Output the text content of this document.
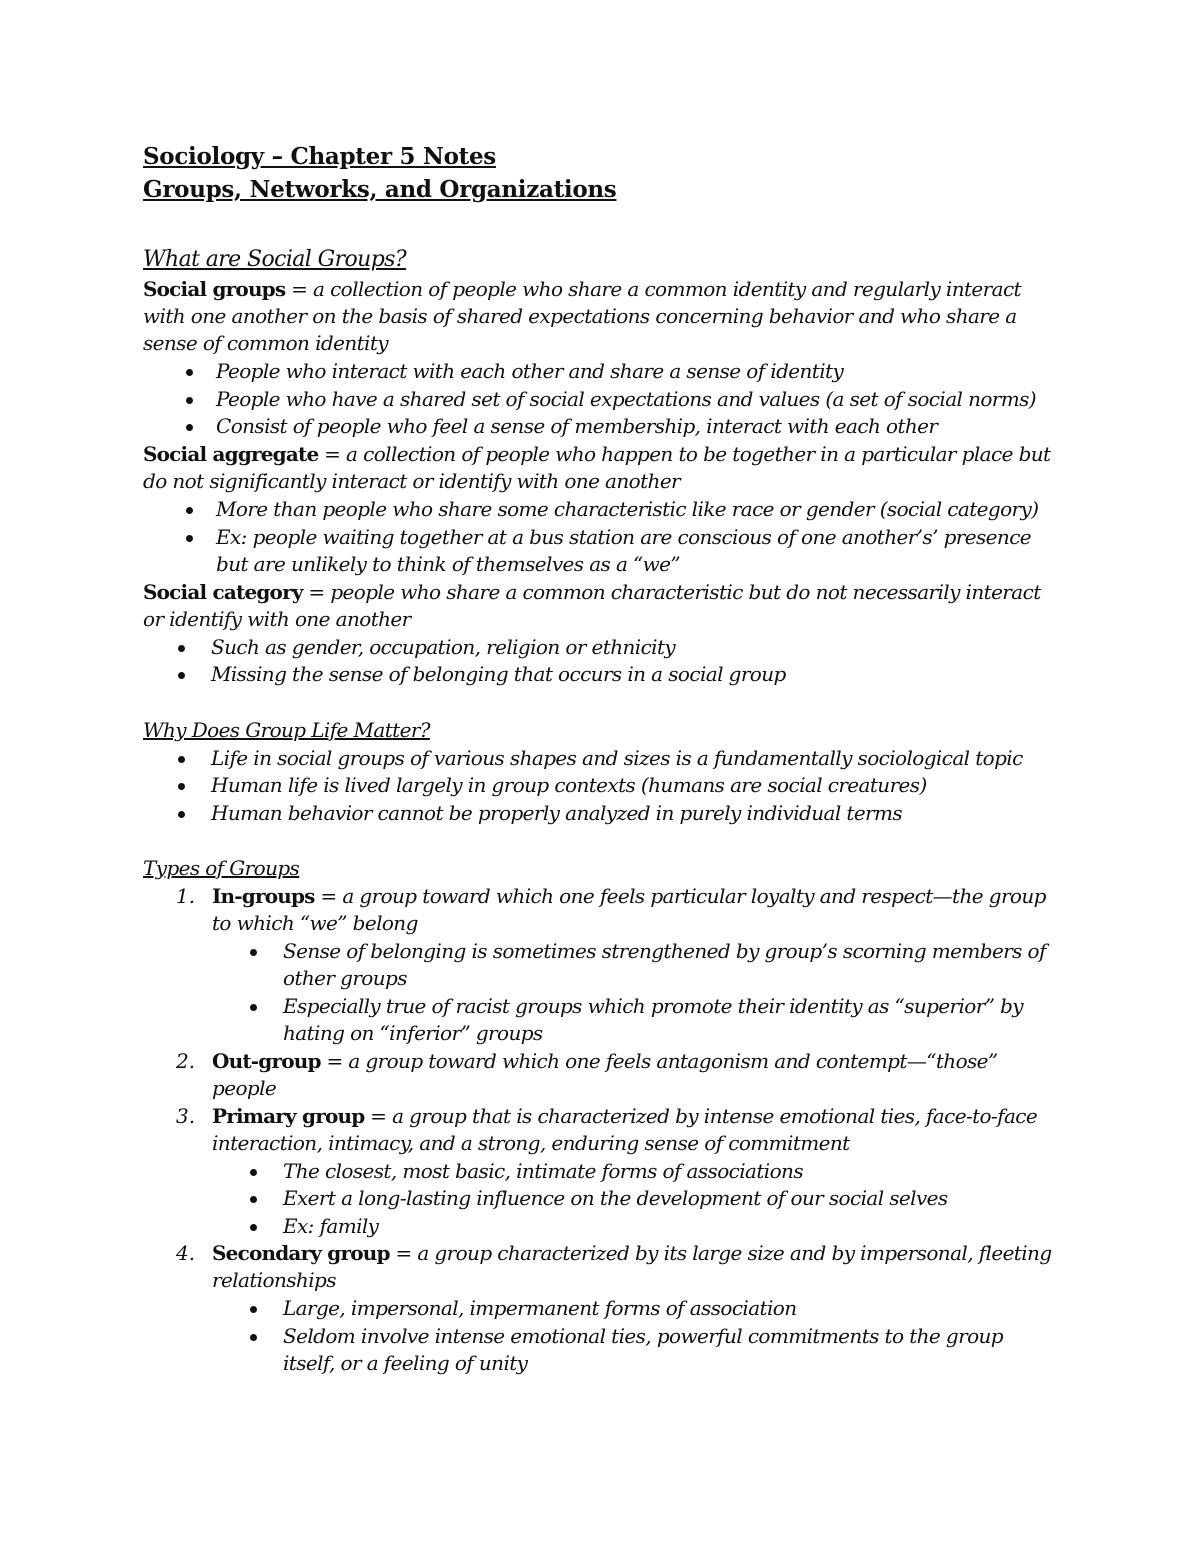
Sociology – Chapter 5 Notes
Groups, Networks, and Organizations
What are Social Groups?
Social groups = a collection of people who share a common identity and regularly interact
with one another on the basis of shared expectations concerning behavior and who share a
sense of common identity
People who interact with each other and share a sense of identity
People who have a shared set of social expectations and values (a set of social norms)
Consist of people who feel a sense of membership, interact with each other
Social aggregate = a collection of people who happen to be together in a particular place but
do not significantly interact or identify with one another
More than people who share some characteristic like race or gender (social category)
Ex: people waiting together at a bus station are conscious of one another’s’ presence
but are unlikely to think of themselves as a “we”
Social category = people who share a common characteristic but do not necessarily interact
or identify with one another
Such as gender, occupation, religion or ethnicity
Missing the sense of belonging that occurs in a social group
Why Does Group Life Matter?
Life in social groups of various shapes and sizes is a fundamentally sociological topic
Human life is lived largely in group contexts (humans are social creatures)
Human behavior cannot be properly analyzed in purely individual terms
Types of Groups
1. In-groups = a group toward which one feels particular loyalty and respect—the group
to which “we” belong
Sense of belonging is sometimes strengthened by group’s scorning members of
other groups
Especially true of racist groups which promote their identity as “superior” by
hating on “inferior” groups
2. Out-group = a group toward which one feels antagonism and contempt—“those”
people
3. Primary group = a group that is characterized by intense emotional ties, face-to-face
interaction, intimacy, and a strong, enduring sense of commitment
The closest, most basic, intimate forms of associations
Exert a long-lasting influence on the development of our social selves
Ex: family
4. Secondary group = a group characterized by its large size and by impersonal, fleeting
relationships
Large, impersonal, impermanent forms of association
Seldom involve intense emotional ties, powerful commitments to the group
itself, or a feeling of unity
